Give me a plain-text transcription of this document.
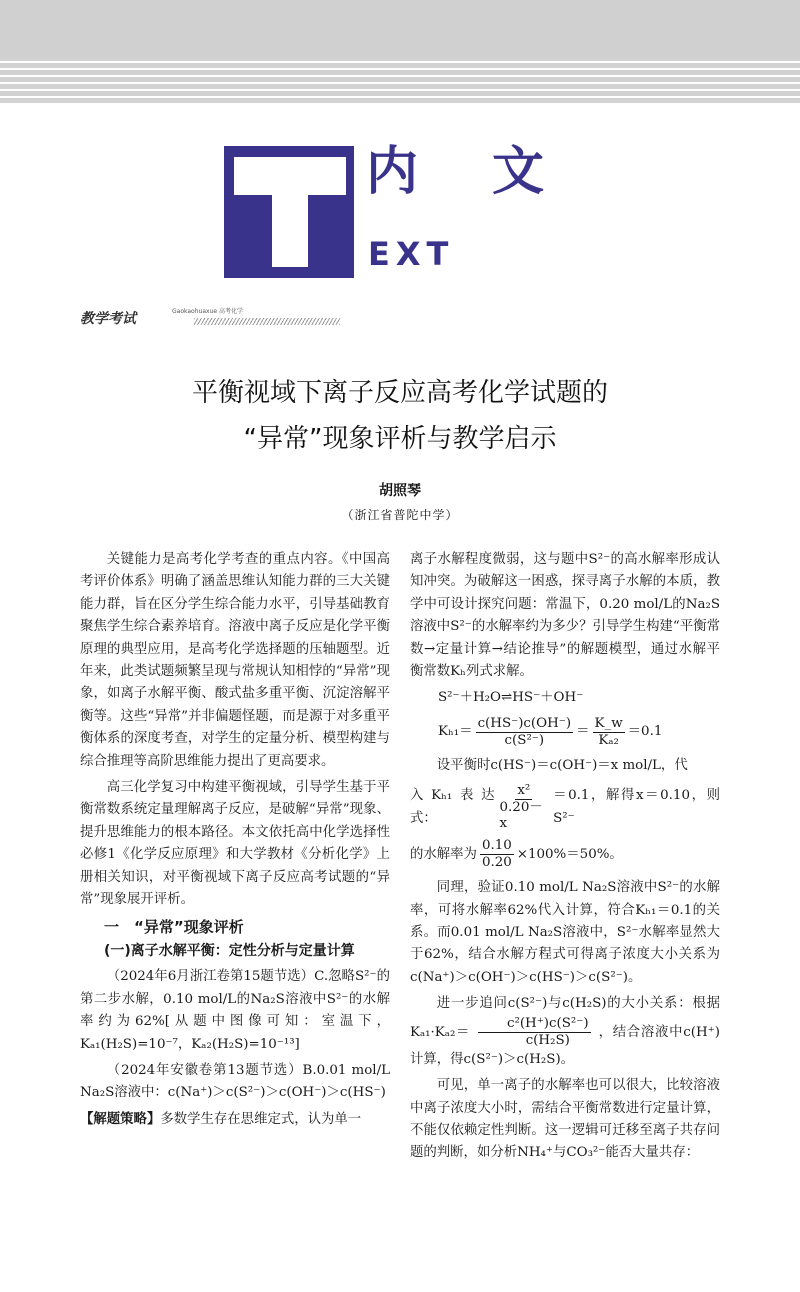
内文
EXT
教学考试	Gaokaohuaxue 高考化学
平衡视域下离子反应高考化学试题的
“异常”现象评析与教学启示
胡照琴
（浙江省普陀中学）

关键能力是高考化学考查的重点内容。《中国高考评价体系》明确了涵盖思维认知能力群的三大关键能力群，旨在区分学生综合能力水平，引导基础教育聚焦学生综合素养培育。溶液中离子反应是化学平衡原理的典型应用，是高考化学选择题的压轴题型。近年来，此类试题频繁呈现与常规认知相悖的“异常”现象，如离子水解平衡、酸式盐多重平衡、沉淀溶解平衡等。这些“异常”并非偏题怪题，而是源于对多重平衡体系的深度考查，对学生的定量分析、模型构建与综合推理等高阶思维能力提出了更高要求。

高三化学复习中构建平衡视域，引导学生基于平衡常数系统定量理解离子反应，是破解“异常”现象、提升思维能力的根本路径。本文依托高中化学选择性必修1《化学反应原理》和大学教材《分析化学》上册相关知识，对平衡视域下离子反应高考试题的“异常”现象展开评析。

一　“异常”现象评析

(一)离子水解平衡：定性分析与定量计算

（2024年6月浙江卷第15题节选）C.忽略S²⁻的第二步水解，0.10 mol/L的Na₂S溶液中S²⁻的水解率约为62%[从题中图像可知：室温下，Kₐ₁(H₂S)=10⁻⁷，Kₐ₂(H₂S)=10⁻¹³]

（2024年安徽卷第13题节选）B.0.01 mol/L Na₂S溶液中：c(Na⁺)＞c(S²⁻)＞c(OH⁻)＞c(HS⁻)

【解题策略】多数学生存在思维定式，认为单一

离子水解程度微弱，这与题中S²⁻的高水解率形成认知冲突。为破解这一困惑，探寻离子水解的本质，教学中可设计探究问题：常温下，0.20 mol/L的Na₂S溶液中S²⁻的水解率约为多少？引导学生构建“平衡常数→定量计算→结论推导”的解题模型，通过水解平衡常数Kₕ列式求解。

S²⁻＋H₂O⇌HS⁻＋OH⁻

$K_{h1}= \frac{c(HS^-)c(OH^-)}{\text{c(S²⁻)}} = \frac{K\_w}{\text{Kₐ₂}} =0.1$

设平衡时c(HS⁻)＝c(OH⁻)＝x mol/L，代

入Kₕ₁表达式：	$\frac{\text{x²}}{0.20-x} =0.1$，解得x＝0.10，则S²⁻

的水解率为 $\frac{0.10}{0.20} \times 100\%=50\%$。

同理，验证0.10 mol/L Na₂S溶液中S²⁻的水解率，可将水解率62%代入计算，符合Kₕ₁＝0.1的关系。而0.01 mol/L Na₂S溶液中，S²⁻水解率显然大于62%，结合水解方程式可得离子浓度大小关系为c(Na⁺)＞c(OH⁻)＞c(HS⁻)＞c(S²⁻)。

进一步追问c(S²⁻)与c(H₂S)的大小关系：根据$K_{a1}\cdot K_{a2}= \frac{\text{c²(H⁺)c(S²⁻)}}{\text{c(H₂S)}}$ ，结合溶液中c(H⁺)计算，得c(S²⁻)＞c(H₂S)。

可见，单一离子的水解率也可以很大，比较溶液中离子浓度大小时，需结合平衡常数进行定量计算，不能仅依赖定性判断。这一逻辑可迁移至离子共存问题的判断，如分析NH₄⁺与CO₃²⁻能否大量共存：
